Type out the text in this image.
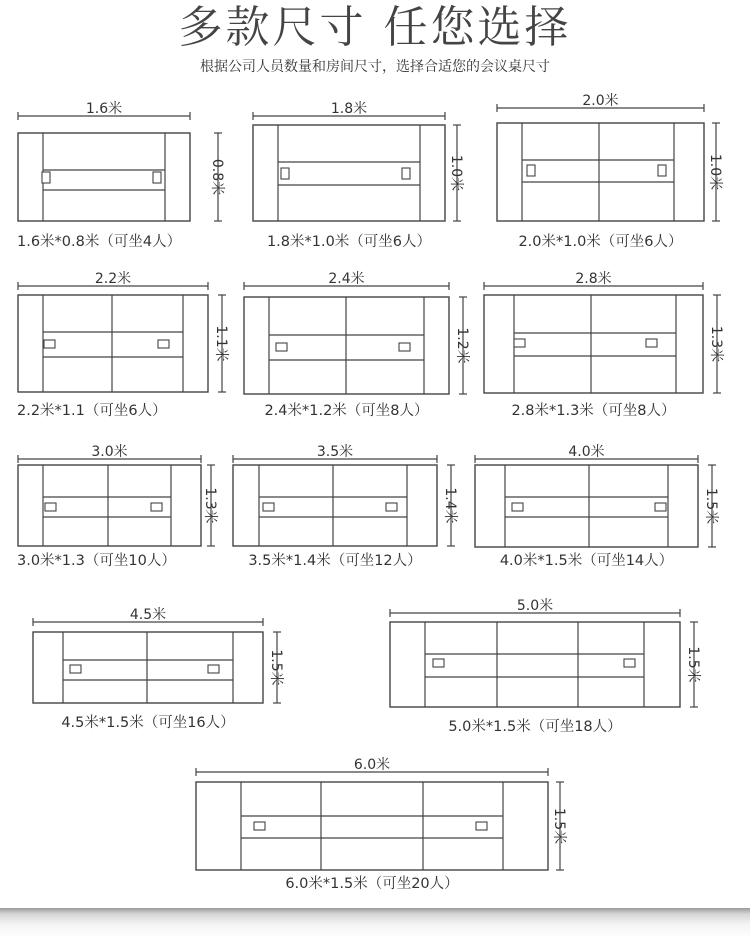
多款尺寸 任您选择
根据公司人员数量和房间尺寸，选择合适您的会议桌尺寸
1.6米
0.8米
1.6米*0.8米（可坐4人）
1.8米
1.0米
1.8米*1.0米（可坐6人）
2.0米
1.0米
2.0米*1.0米（可坐6人）
2.2米
1.1米
2.2米*1.1（可坐6人）
2.4米
1.2米
2.4米*1.2米（可坐8人）
2.8米
1.3米
2.8米*1.3米（可坐8人）
3.0米
1.3米
3.0米*1.3（可坐10人）
3.5米
1.4米
3.5米*1.4米（可坐12人）
4.0米
1.5米
4.0米*1.5米（可坐14人）
4.5米
1.5米
4.5米*1.5米（可坐16人）
5.0米
1.5米
5.0米*1.5米（可坐18人）
6.0米
1.5米
6.0米*1.5米（可坐20人）
